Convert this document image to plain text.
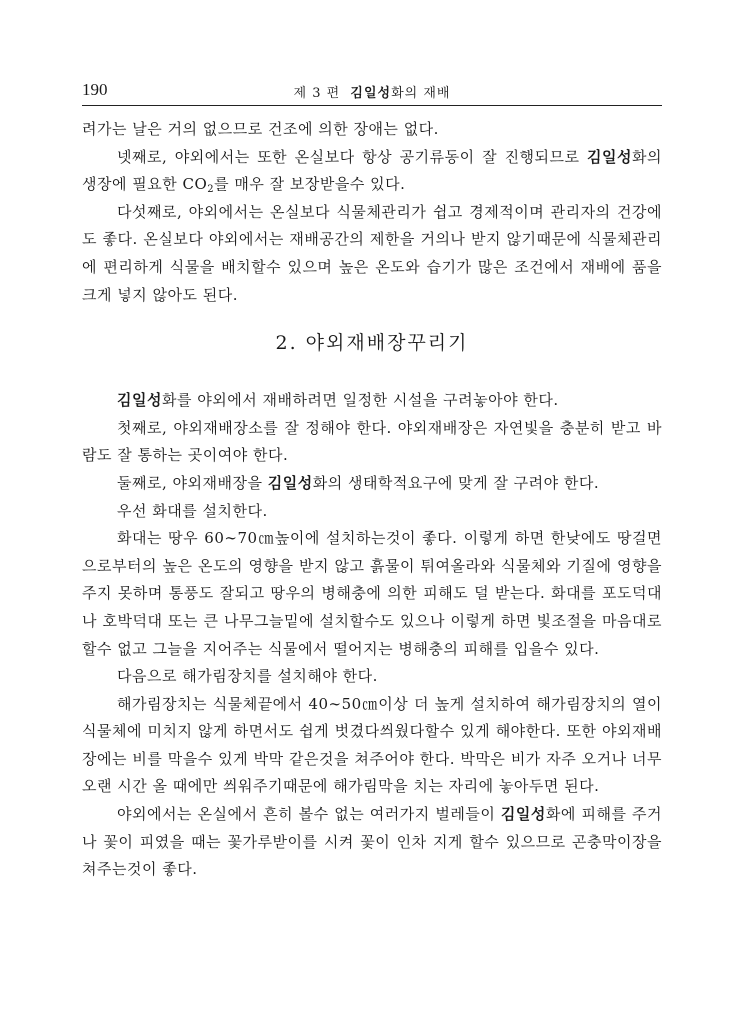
190	제 3 편 김일성화의 재배

려가는 날은 거의 없으므로 건조에 의한 장애는 없다.

넷째로, 야외에서는 또한 온실보다 항상 공기류동이 잘 진행되므로 김일성화의 생장에 필요한 $CO_2$를 매우 잘 보장받을수 있다.

다섯째로, 야외에서는 온실보다 식물체관리가 쉽고 경제적이며 관리자의 건강에도 좋다. 온실보다 야외에서는 재배공간의 제한을 거의나 받지 않기때문에 식물체관리에 편리하게 식물을 배치할수 있으며 높은 온도와 습기가 많은 조건에서 재배에 품을 크게 넣지 않아도 된다.

2. 야외재배장꾸리기

김일성화를 야외에서 재배하려면 일정한 시설을 구려놓아야 한다.

첫째로, 야외재배장소를 잘 정해야 한다. 야외재배장은 자연빛을 충분히 받고 바람도 잘 통하는 곳이여야 한다.

둘째로, 야외재배장을 김일성화의 생태학적요구에 맞게 잘 구려야 한다.

우선 화대를 설치한다.

화대는 땅우 60∼70㎝높이에 설치하는것이 좋다. 이렇게 하면 한낮에도 땅걸면으로부터의 높은 온도의 영향을 받지 않고 흙물이 튀여올라와 식물체와 기질에 영향을 주지 못하며 통풍도 잘되고 땅우의 병해충에 의한 피해도 덜 받는다. 화대를 포도덕대나 호박덕대 또는 큰 나무그늘밑에 설치할수도 있으나 이렇게 하면 빛조절을 마음대로 할수 없고 그늘을 지어주는 식물에서 떨어지는 병해충의 피해를 입을수 있다.

다음으로 해가림장치를 설치해야 한다.

해가림장치는 식물체끝에서 40∼50㎝이상 더 높게 설치하여 해가림장치의 열이 식물체에 미치지 않게 하면서도 쉽게 벗겼다씌웠다할수 있게 해야한다. 또한 야외재배장에는 비를 막을수 있게 박막 같은것을 쳐주어야 한다. 박막은 비가 자주 오거나 너무 오랜 시간 올 때에만 씌워주기때문에 해가림막을 치는 자리에 놓아두면 된다.

야외에서는 온실에서 흔히 볼수 없는 여러가지 벌레들이 김일성화에 피해를 주거나 꽃이 피였을 때는 꽃가루받이를 시켜 꽃이 인차 지게 할수 있으므로 곤충막이장을 쳐주는것이 좋다.
